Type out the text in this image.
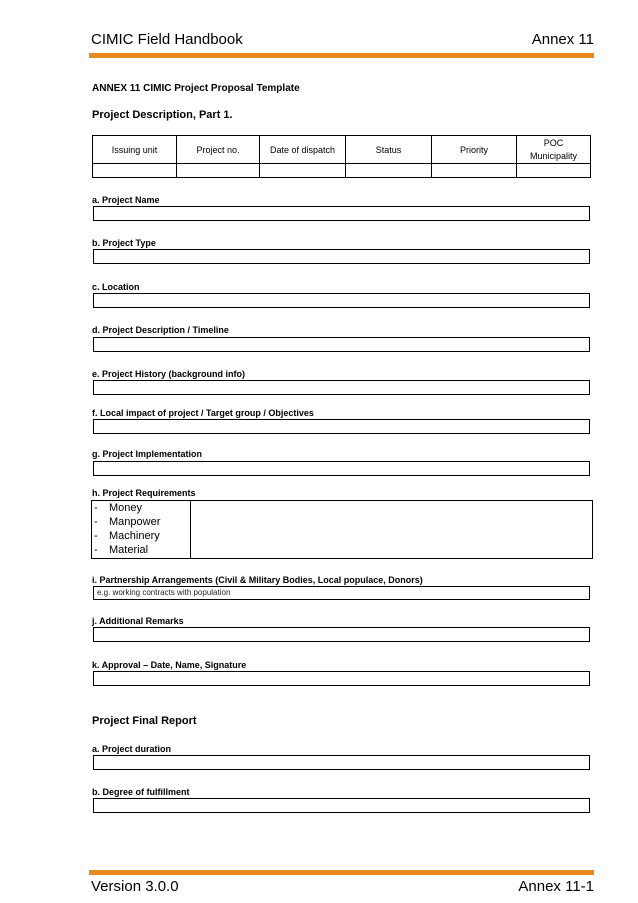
CIMIC Field Handbook	Annex 11
ANNEX 11 CIMIC Project Proposal Template
Project Description, Part 1.
Issuing unit	Project no.	Date of dispatch	Status	Priority	POC
Municipality

a. Project Name
b. Project Type
c. Location
d. Project Description / Timeline
e. Project History (background info)
f. Local impact of project / Target group / Objectives
g. Project Implementation
h. Project Requirements
- Money
- Manpower
- Machinery
- Material
i. Partnership Arrangements (Civil & Military Bodies, Local populace, Donors)
e.g. working contracts with population
j. Additional Remarks
k. Approval – Date, Name, Signature
Project Final Report
a. Project duration
b. Degree of fulfillment
Version 3.0.0	Annex 11-1
